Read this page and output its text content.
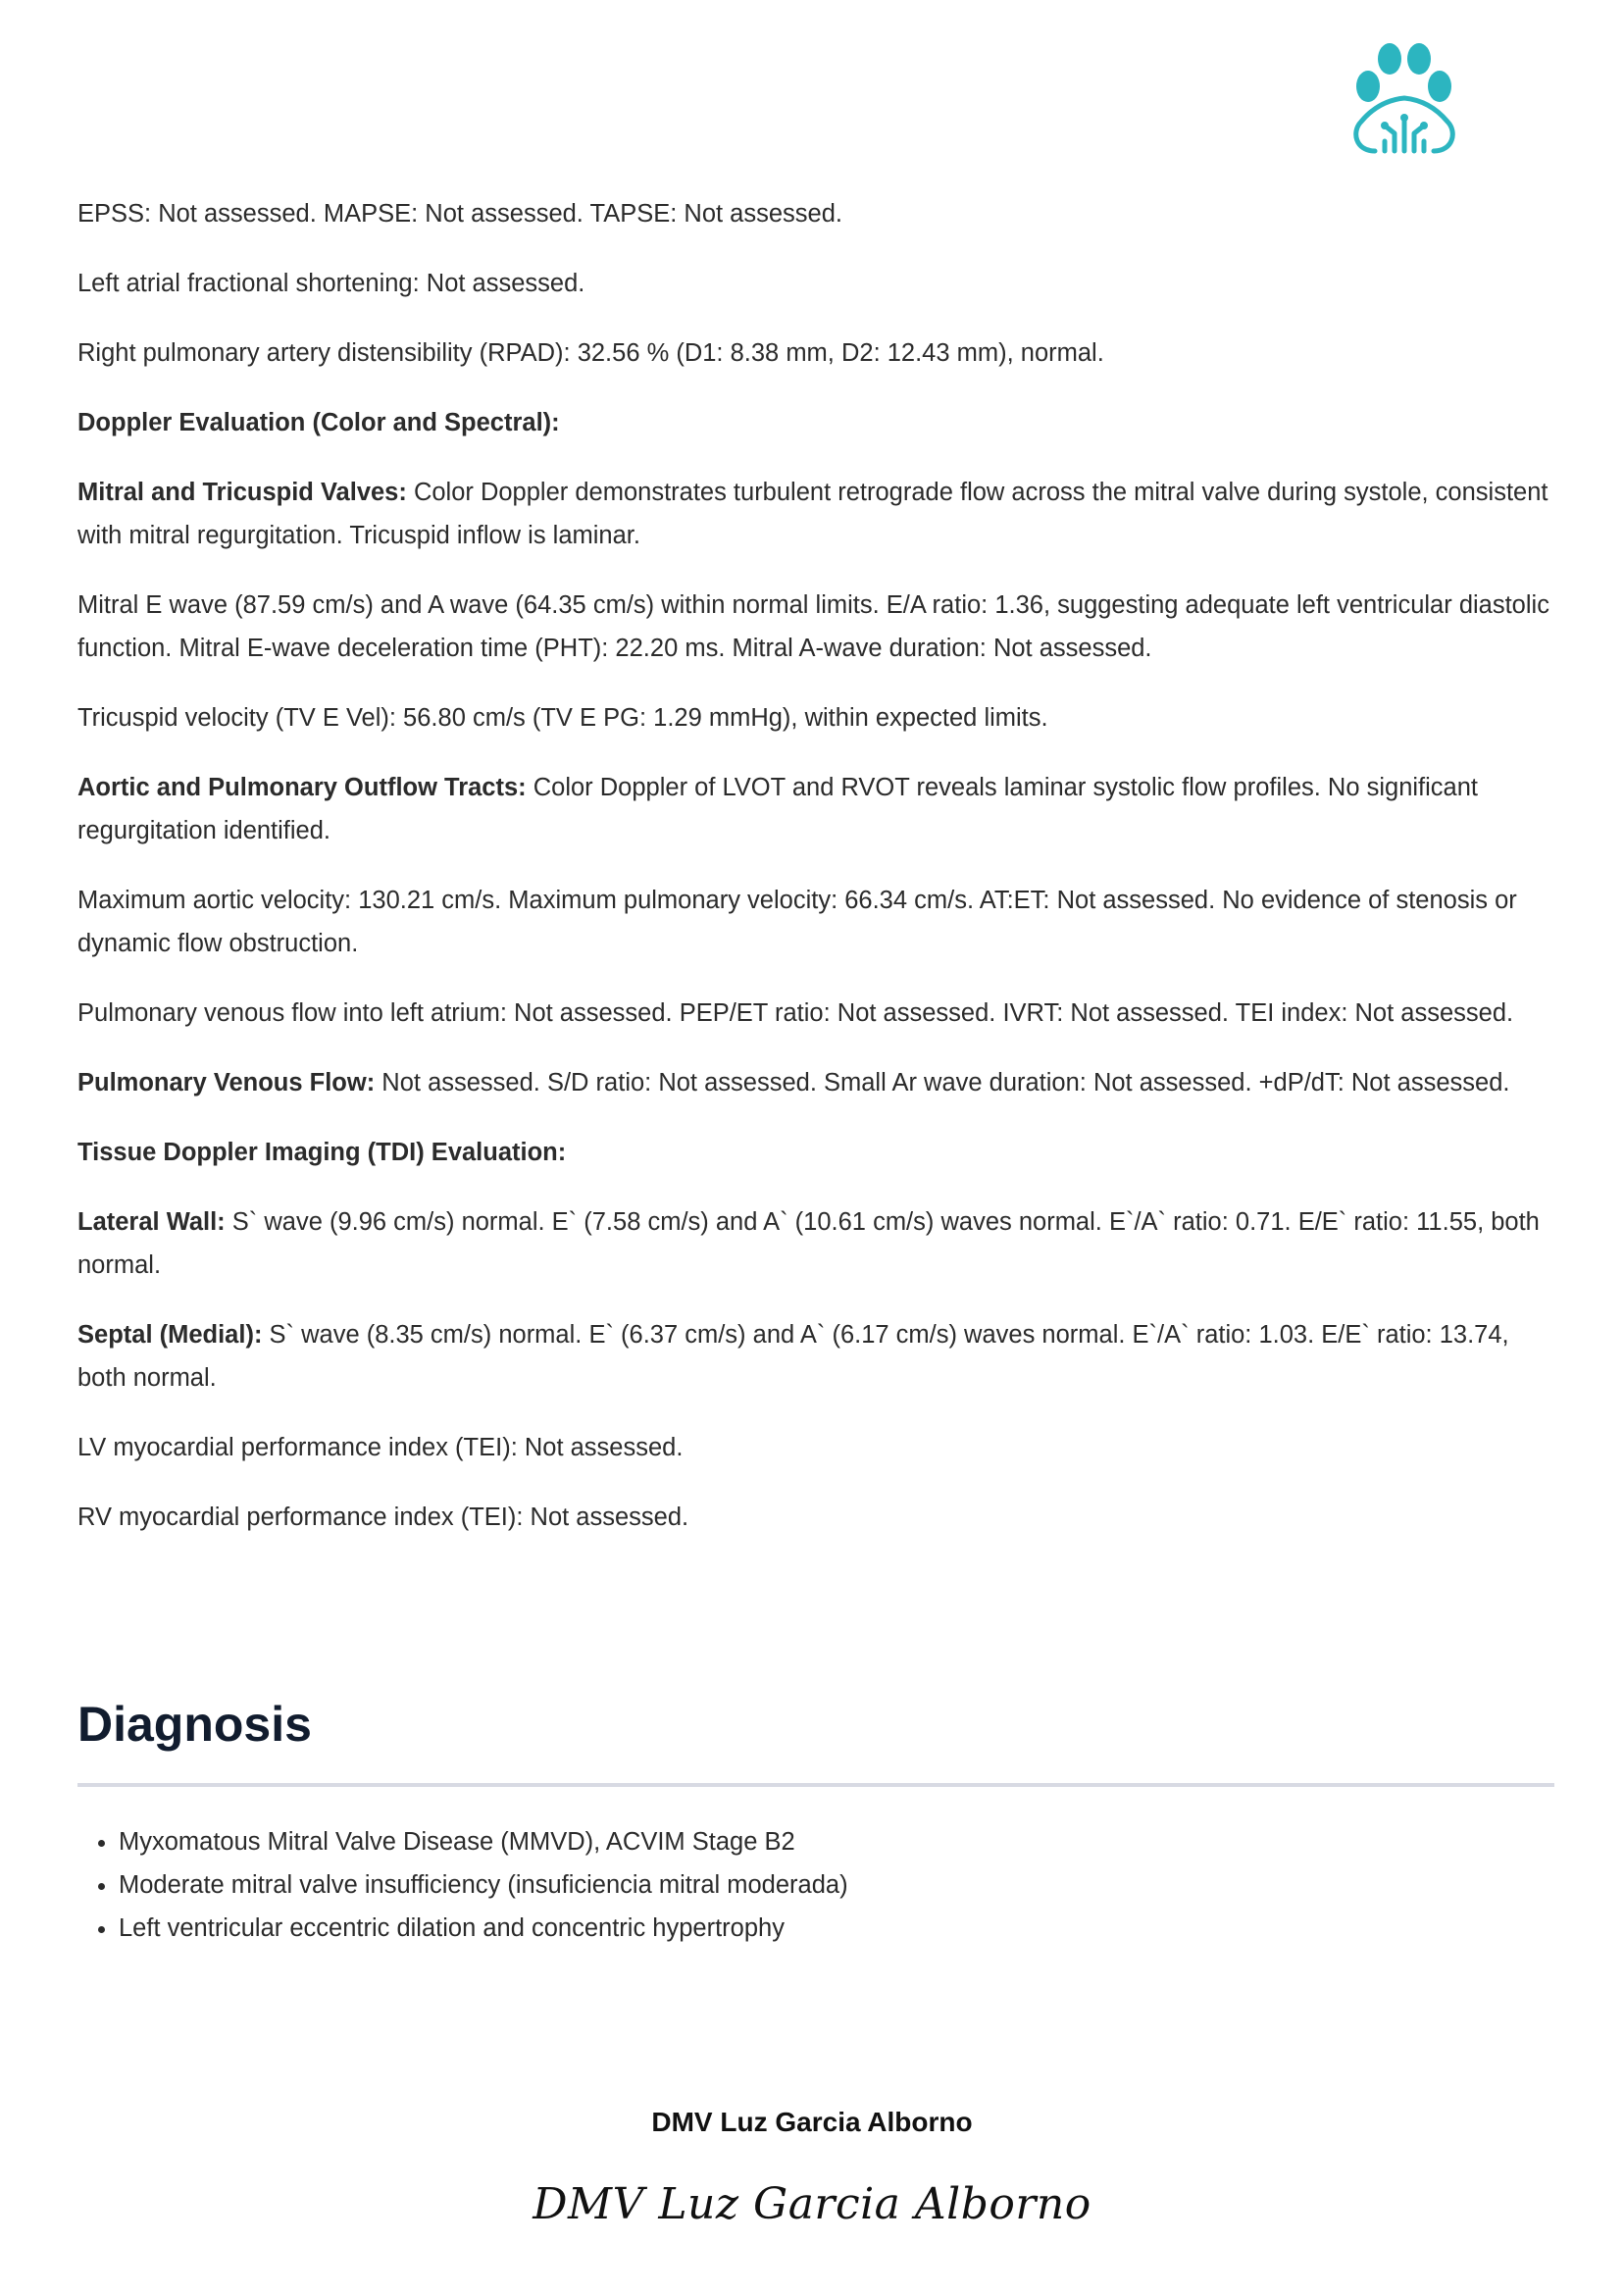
EPSS: Not assessed. MAPSE: Not assessed. TAPSE: Not assessed.

Left atrial fractional shortening: Not assessed.

Right pulmonary artery distensibility (RPAD): 32.56 % (D1: 8.38 mm, D2: 12.43 mm), normal.

Doppler Evaluation (Color and Spectral):

Mitral and Tricuspid Valves: Color Doppler demonstrates turbulent retrograde flow across the mitral valve during systole, consistent with mitral regurgitation. Tricuspid inflow is laminar.

Mitral E wave (87.59 cm/s) and A wave (64.35 cm/s) within normal limits. E/A ratio: 1.36, suggesting adequate left ventricular diastolic function. Mitral E-wave deceleration time (PHT): 22.20 ms. Mitral A-wave duration: Not assessed.

Tricuspid velocity (TV E Vel): 56.80 cm/s (TV E PG: 1.29 mmHg), within expected limits.

Aortic and Pulmonary Outflow Tracts: Color Doppler of LVOT and RVOT reveals laminar systolic flow profiles. No significant regurgitation identified.

Maximum aortic velocity: 130.21 cm/s. Maximum pulmonary velocity: 66.34 cm/s. AT:ET: Not assessed. No evidence of stenosis or dynamic flow obstruction.

Pulmonary venous flow into left atrium: Not assessed. PEP/ET ratio: Not assessed. IVRT: Not assessed. TEI index: Not assessed.

Pulmonary Venous Flow: Not assessed. S/D ratio: Not assessed. Small Ar wave duration: Not assessed. +dP/dT: Not assessed.

Tissue Doppler Imaging (TDI) Evaluation:

Lateral Wall: S` wave (9.96 cm/s) normal. E` (7.58 cm/s) and A` (10.61 cm/s) waves normal. E`/A` ratio: 0.71. E/E` ratio: 11.55, both normal.

Septal (Medial): S` wave (8.35 cm/s) normal. E` (6.37 cm/s) and A` (6.17 cm/s) waves normal. E`/A` ratio: 1.03. E/E` ratio: 13.74, both normal.

LV myocardial performance index (TEI): Not assessed.

RV myocardial performance index (TEI): Not assessed.

Diagnosis
• Myxomatous Mitral Valve Disease (MMVD), ACVIM Stage B2
• Moderate mitral valve insufficiency (insuficiencia mitral moderada)
• Left ventricular eccentric dilation and concentric hypertrophy
DMV Luz Garcia Alborno
DMV Luz Garcia Alborno
